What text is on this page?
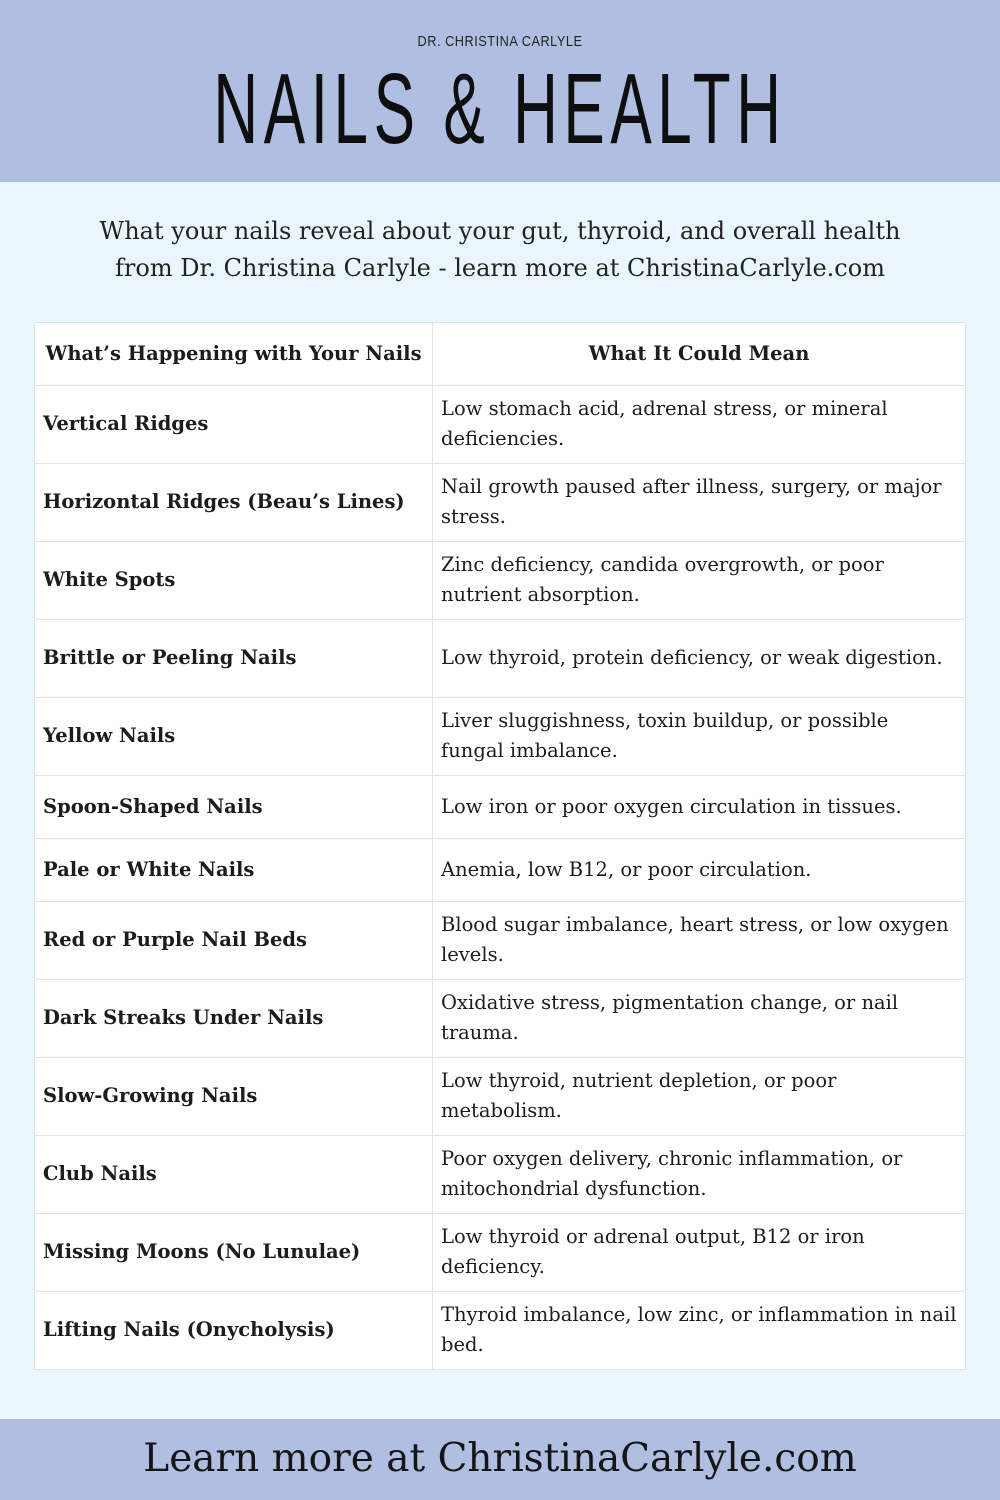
DR. CHRISTINA CARLYLE
NAILS & HEALTH
What your nails reveal about your gut, thyroid, and overall health
from Dr. Christina Carlyle - learn more at ChristinaCarlyle.com
What’s Happening with Your Nails	What It Could Mean
Vertical Ridges	Low stomach acid, adrenal stress, or mineral deficiencies.
Horizontal Ridges (Beau’s Lines)	Nail growth paused after illness, surgery, or major stress.
White Spots	Zinc deficiency, candida overgrowth, or poor nutrient absorption.
Brittle or Peeling Nails	Low thyroid, protein deficiency, or weak digestion.
Yellow Nails	Liver sluggishness, toxin buildup, or possible fungal imbalance.
Spoon-Shaped Nails	Low iron or poor oxygen circulation in tissues.
Pale or White Nails	Anemia, low B12, or poor circulation.
Red or Purple Nail Beds	Blood sugar imbalance, heart stress, or low oxygen levels.
Dark Streaks Under Nails	Oxidative stress, pigmentation change, or nail trauma.
Slow-Growing Nails	Low thyroid, nutrient depletion, or poor metabolism.
Club Nails	Poor oxygen delivery, chronic inflammation, or mitochondrial dysfunction.
Missing Moons (No Lunulae)	Low thyroid or adrenal output, B12 or iron deficiency.
Lifting Nails (Onycholysis)	Thyroid imbalance, low zinc, or inflammation in nail bed.
Learn more at ChristinaCarlyle.com
